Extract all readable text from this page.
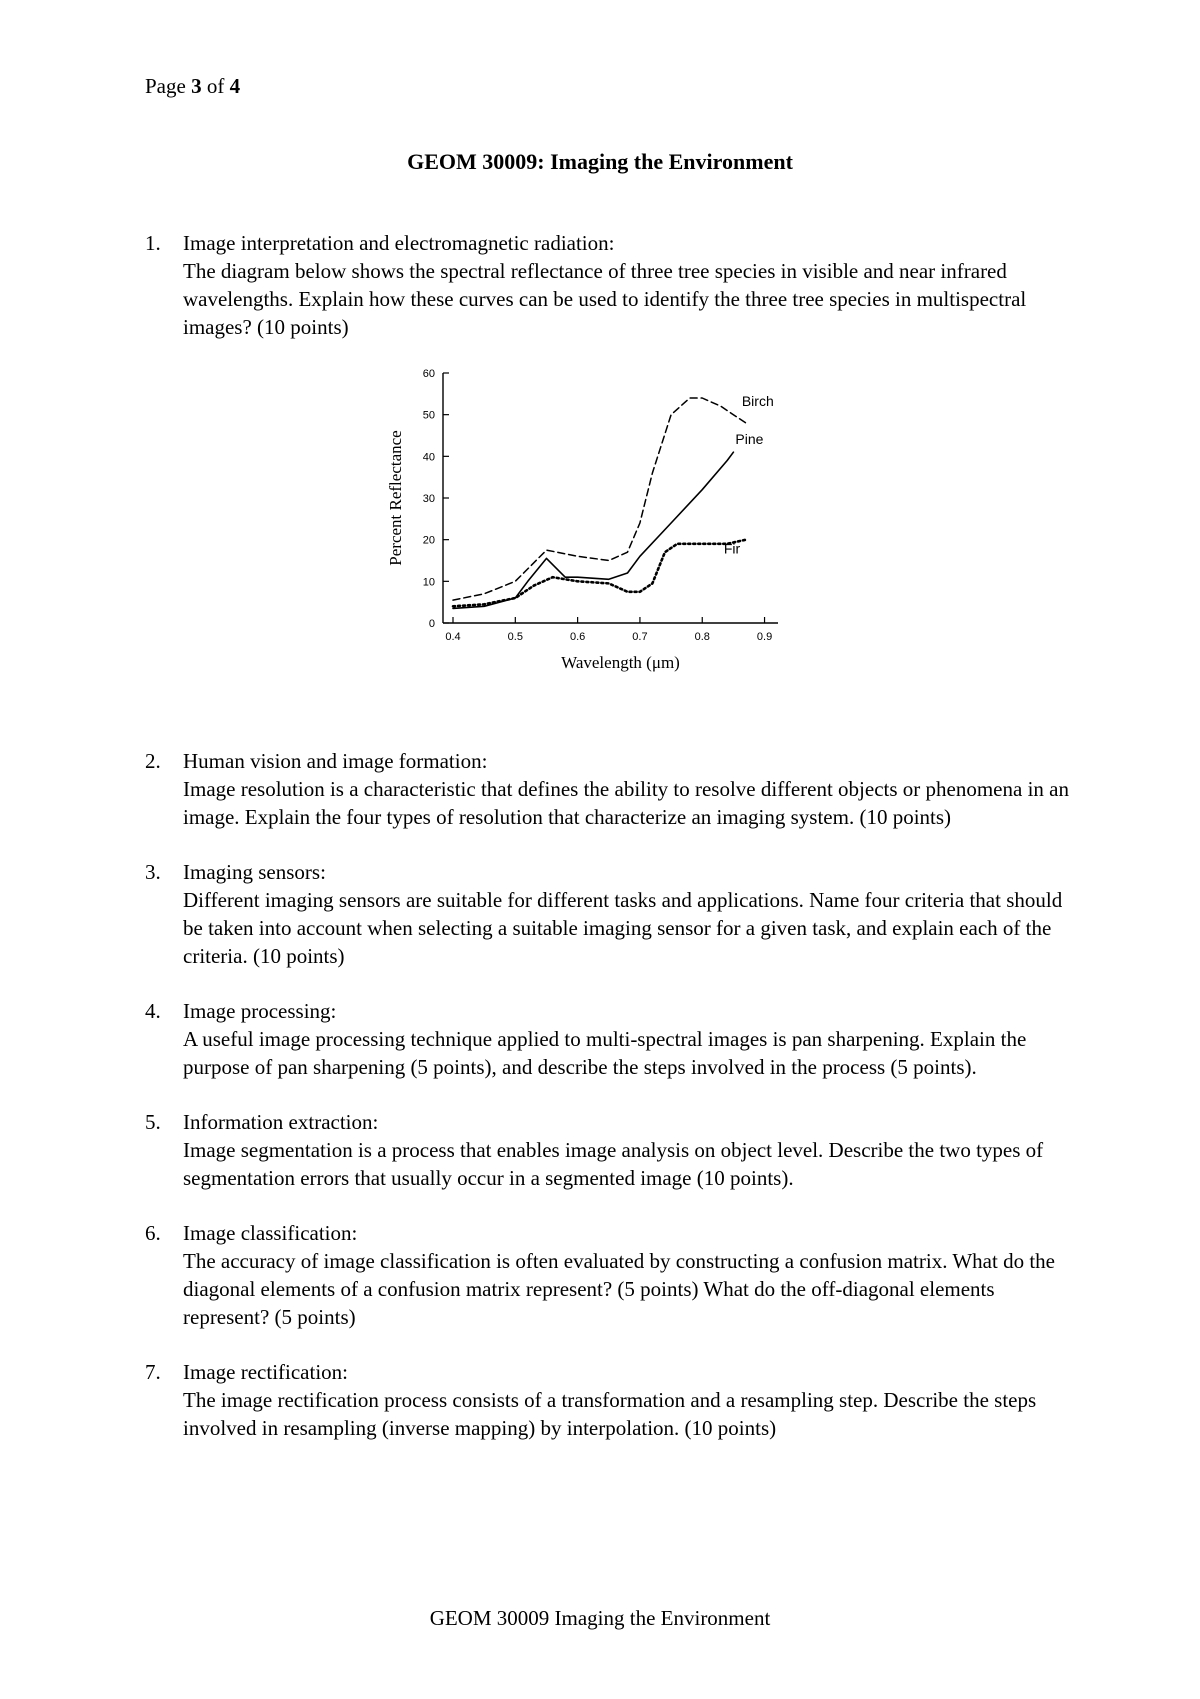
Page 3 of 4
GEOM 30009: Imaging the Environment
1. Image interpretation and electromagnetic radiation:
The diagram below shows the spectral reflectance of three tree species in visible and near infrared wavelengths. Explain how these curves can be used to identify the three tree species in multispectral images? (10 points)
0
10
20
30
40
50
60
0.4	0.5	0.6	0.7	0.8	0.9
Wavelength (μm)
Percent Reflectance
Birch
Pine
Fir
2. Human vision and image formation:
Image resolution is a characteristic that defines the ability to resolve different objects or phenomena in an image. Explain the four types of resolution that characterize an imaging system. (10 points)
3. Imaging sensors:
Different imaging sensors are suitable for different tasks and applications. Name four criteria that should be taken into account when selecting a suitable imaging sensor for a given task, and explain each of the criteria. (10 points)
4. Image processing:
A useful image processing technique applied to multi-spectral images is pan sharpening. Explain the purpose of pan sharpening (5 points), and describe the steps involved in the process (5 points).
5. Information extraction:
Image segmentation is a process that enables image analysis on object level. Describe the two types of segmentation errors that usually occur in a segmented image (10 points).
6. Image classification:
The accuracy of image classification is often evaluated by constructing a confusion matrix. What do the diagonal elements of a confusion matrix represent? (5 points) What do the off-diagonal elements represent? (5 points)
7. Image rectification:
The image rectification process consists of a transformation and a resampling step. Describe the steps involved in resampling (inverse mapping) by interpolation. (10 points)
GEOM 30009 Imaging the Environment
